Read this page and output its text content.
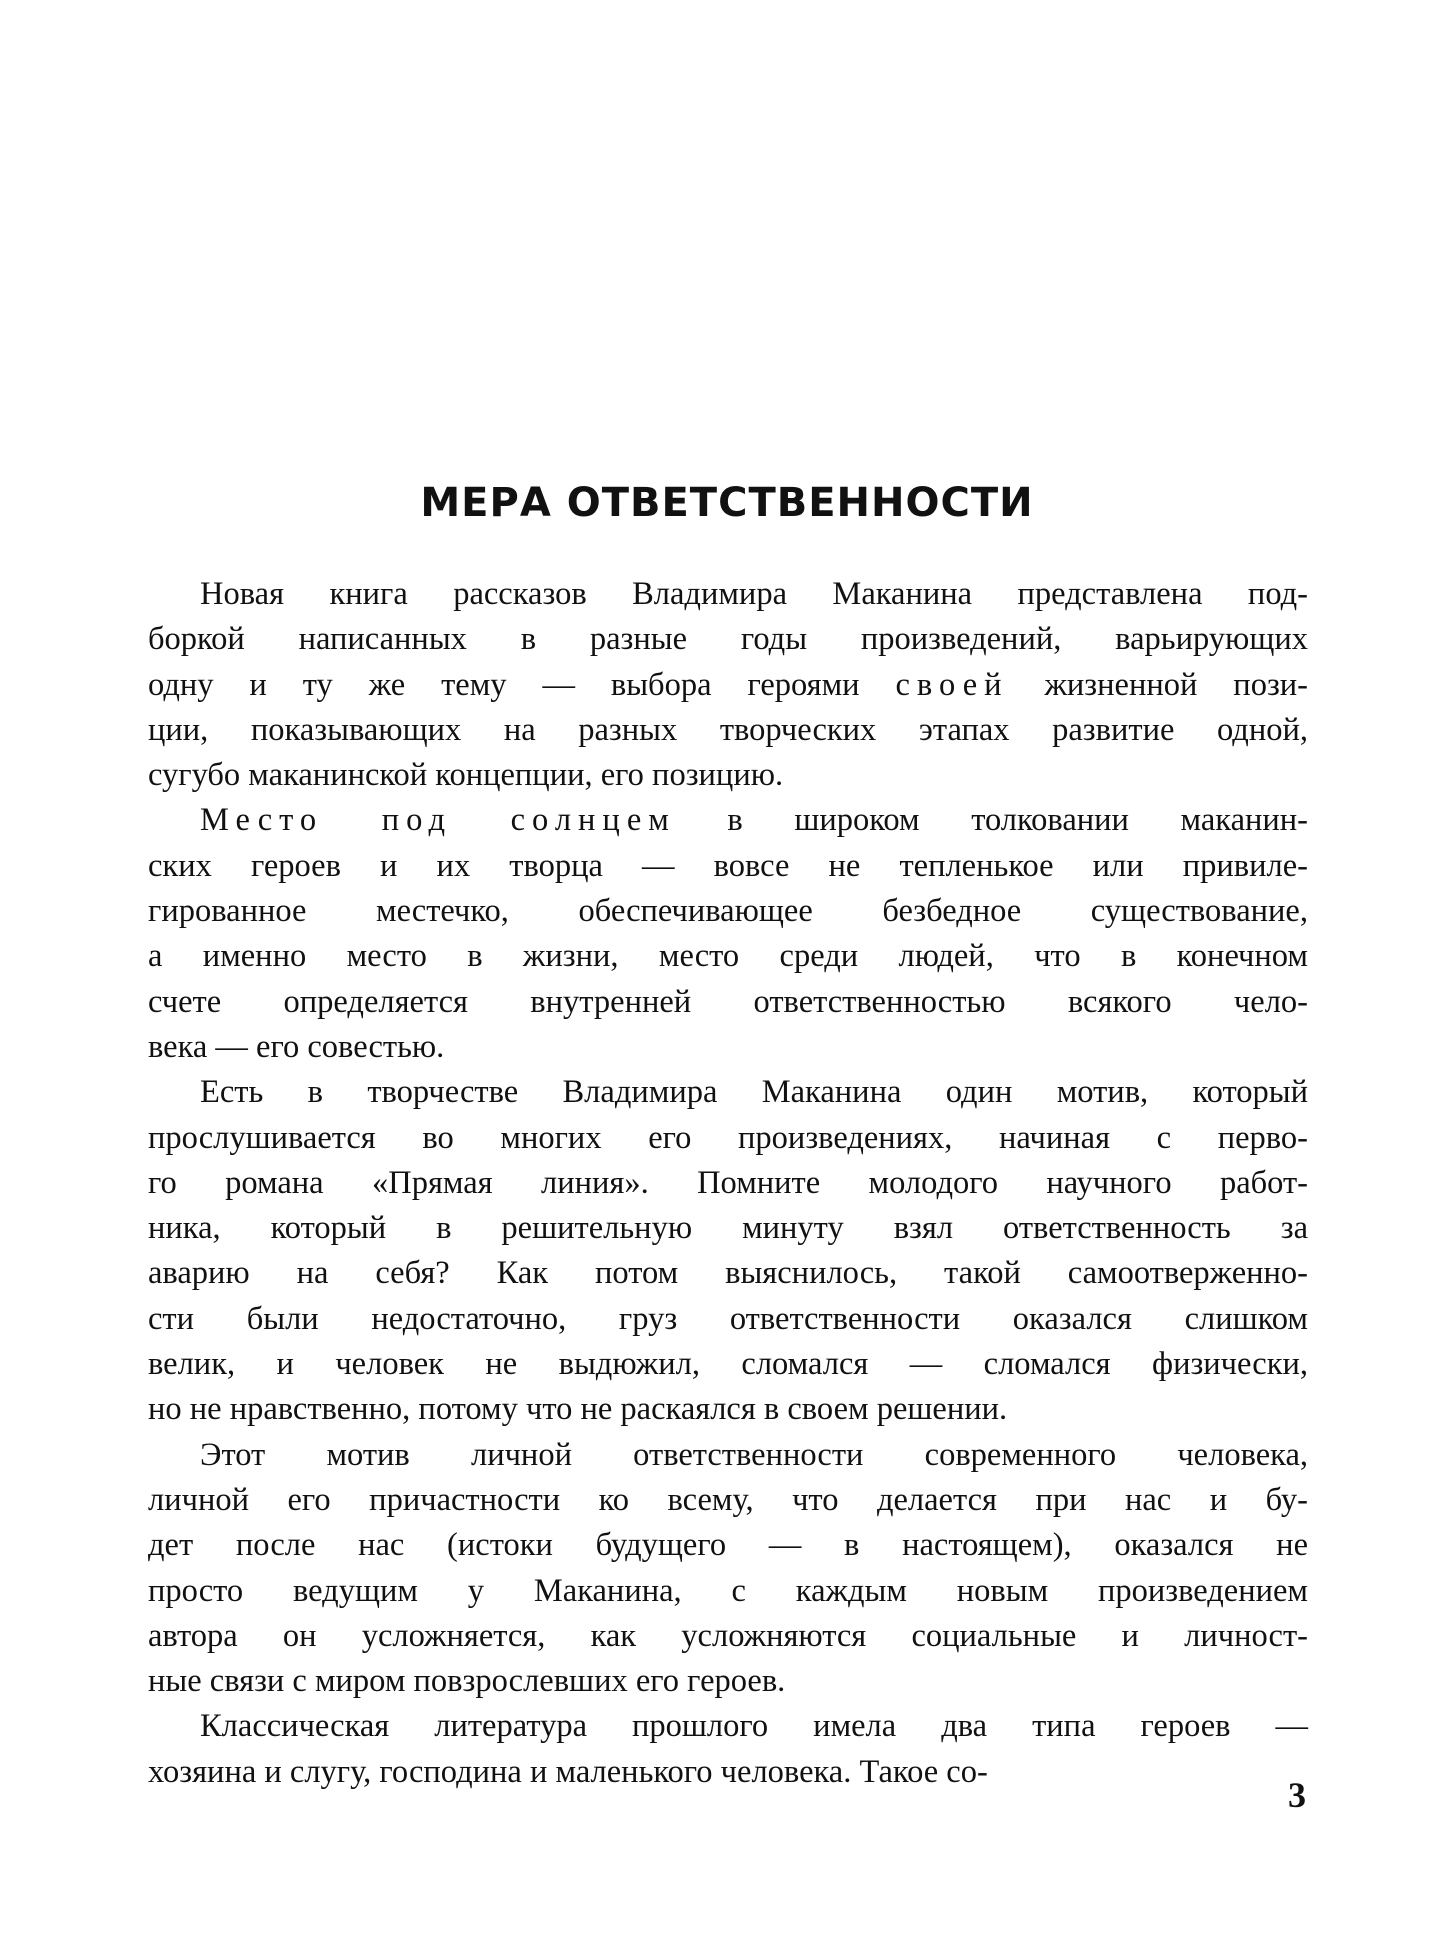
МЕРА ОТВЕТСТВЕННОСТИ
Новая книга рассказов Владимира Маканина представлена под-
боркой написанных в разные годы произведений, варьирующих
одну и ту же тему — выбора героями своей жизненной пози-
ции, показывающих на разных творческих этапах развитие одной,
сугубо маканинской концепции, его позицию.
Место под солнцем в широком толковании маканин-
ских героев и их творца — вовсе не тепленькое или привиле-
гированное местечко, обеспечивающее безбедное существование,
а именно место в жизни, место среди людей, что в конечном
счете определяется внутренней ответственностью всякого чело-
века — его совестью.
Есть в творчестве Владимира Маканина один мотив, который
прослушивается во многих его произведениях, начиная с перво-
го романа «Прямая линия». Помните молодого научного работ-
ника, который в решительную минуту взял ответственность за
аварию на себя? Как потом выяснилось, такой самоотверженно-
сти были недостаточно, груз ответственности оказался слишком
велик, и человек не выдюжил, сломался — сломался физически,
но не нравственно, потому что не раскаялся в своем решении.
Этот мотив личной ответственности современного человека,
личной его причастности ко всему, что делается при нас и бу-
дет после нас (истоки будущего — в настоящем), оказался не
просто ведущим у Маканина, с каждым новым произведением
автора он усложняется, как усложняются социальные и личност-
ные связи с миром повзрослевших его героев.
Классическая литература прошлого имела два типа героев —
хозяина и слугу, господина и маленького человека. Такое со-
3
